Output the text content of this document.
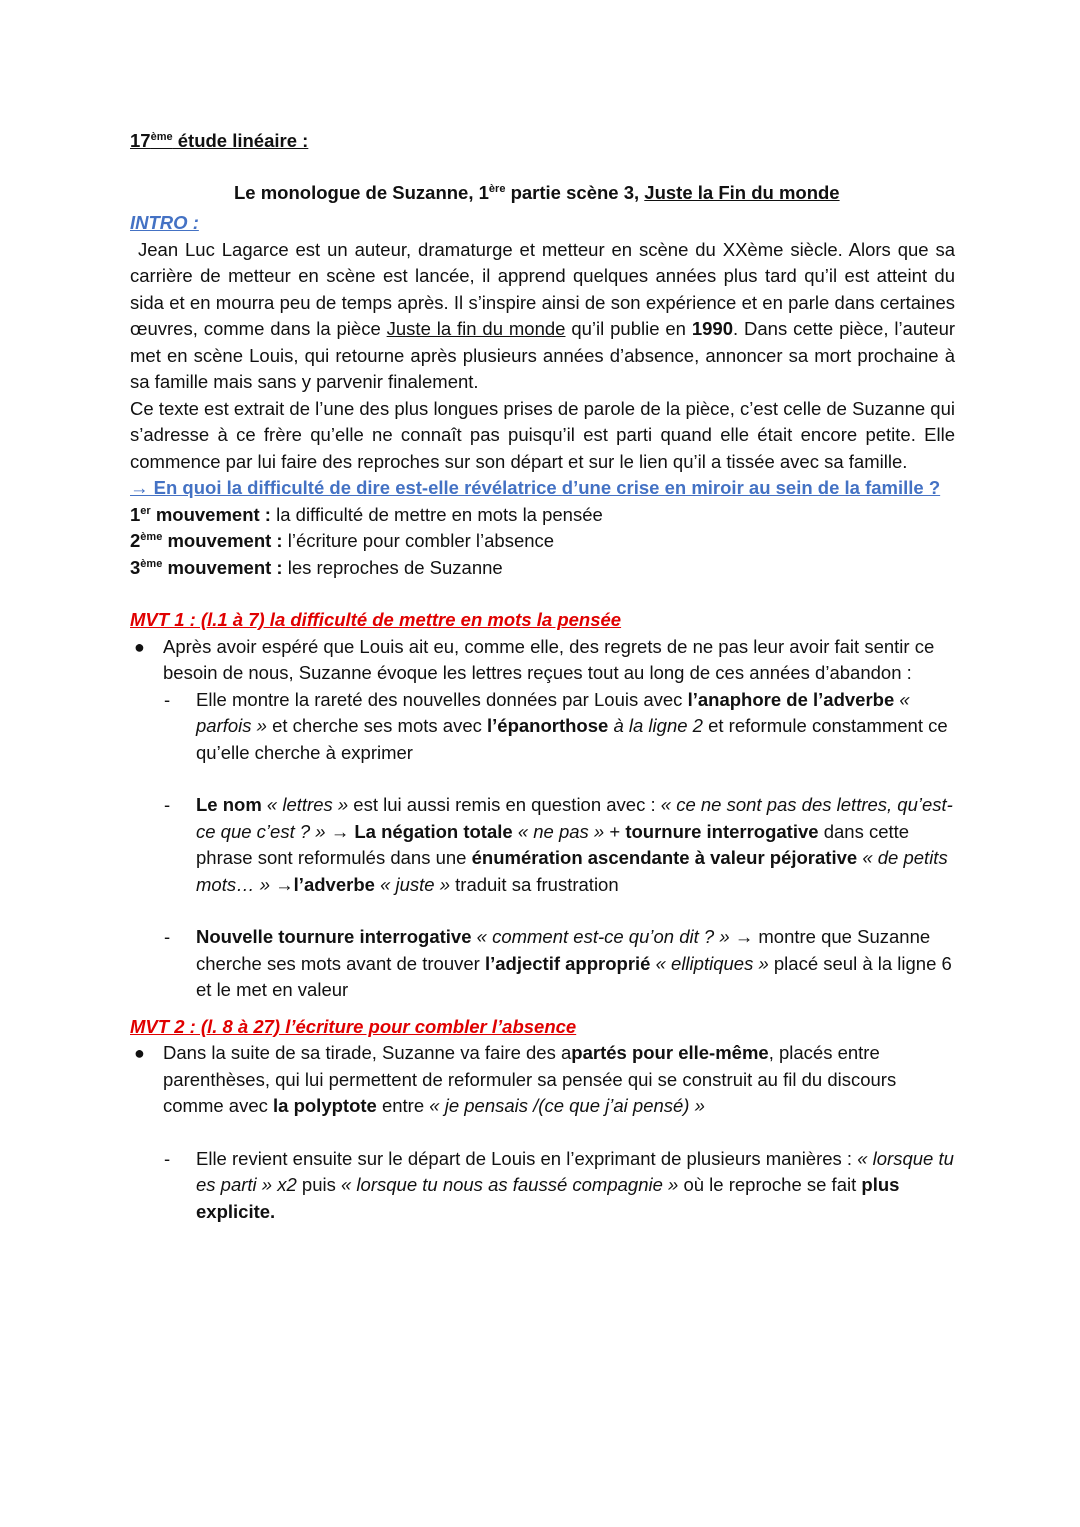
17ème étude linéaire :

Le monologue de Suzanne, 1ère partie scène 3, Juste la Fin du monde

INTRO :

Jean Luc Lagarce est un auteur, dramaturge et metteur en scène du XXème siècle. Alors que sa carrière de metteur en scène est lancée, il apprend quelques années plus tard qu’il est atteint du sida et en mourra peu de temps après. Il s’inspire ainsi de son expérience et en parle dans certaines œuvres, comme dans la pièce Juste la fin du monde qu’il publie en 1990. Dans cette pièce, l’auteur met en scène Louis, qui retourne après plusieurs années d’absence, annoncer sa mort prochaine à sa famille mais sans y parvenir finalement.

Ce texte est extrait de l’une des plus longues prises de parole de la pièce, c’est celle de Suzanne qui s’adresse à ce frère qu’elle ne connaît pas puisqu’il est parti quand elle était encore petite. Elle commence par lui faire des reproches sur son départ et sur le lien qu’il a tissée avec sa famille.

→ En quoi la difficulté de dire est-elle révélatrice d’une crise en miroir au sein de la famille ?

1er mouvement : la difficulté de mettre en mots la pensée

2ème mouvement : l’écriture pour combler l’absence

3ème mouvement : les reproches de Suzanne

MVT 1 : (l.1 à 7) la difficulté de mettre en mots la pensée

● Après avoir espéré que Louis ait eu, comme elle, des regrets de ne pas leur avoir fait sentir ce besoin de nous, Suzanne évoque les lettres reçues tout au long de ces années d’abandon :

- Elle montre la rareté des nouvelles données par Louis avec l’anaphore de l’adverbe « parfois » et cherche ses mots avec l’épanorthose à la ligne 2 et reformule constamment ce qu’elle cherche à exprimer

- Le nom « lettres » est lui aussi remis en question avec : « ce ne sont pas des lettres, qu’est-ce que c’est ? » → La négation totale « ne pas » + tournure interrogative dans cette phrase sont reformulés dans une énumération ascendante à valeur péjorative « de petits mots… » →l’adverbe « juste » traduit sa frustration

- Nouvelle tournure interrogative « comment est-ce qu’on dit ? » → montre que Suzanne cherche ses mots avant de trouver l’adjectif approprié « elliptiques » placé seul à la ligne 6 et le met en valeur

MVT 2 : (l. 8 à 27) l’écriture pour combler l’absence

● Dans la suite de sa tirade, Suzanne va faire des apartés pour elle-même, placés entre parenthèses, qui lui permettent de reformuler sa pensée qui se construit au fil du discours comme avec la polyptote entre « je pensais /(ce que j’ai pensé) »

- Elle revient ensuite sur le départ de Louis en l’exprimant de plusieurs manières : « lorsque tu es parti » x2 puis « lorsque tu nous as faussé compagnie » où le reproche se fait plus explicite.
